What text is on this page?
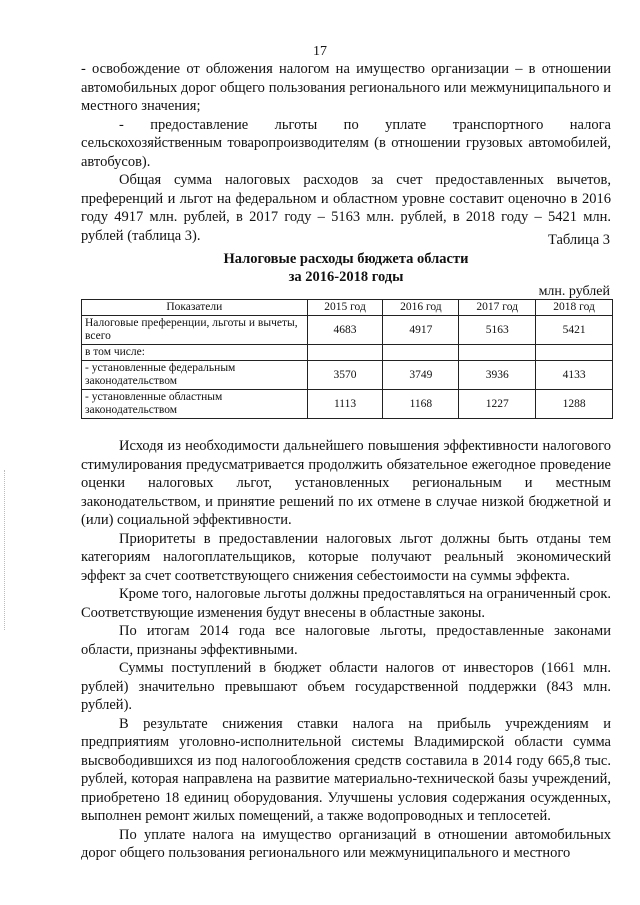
17

- освобождение от обложения налогом на имущество организации – в отношении автомобильных дорог общего пользования регионального или межмуниципального и местного значения;

- предоставление льготы по уплате транспортного налога сельскохозяйственным товаропроизводителям (в отношении грузовых автомобилей, автобусов).

Общая сумма налоговых расходов за счет предоставленных вычетов, преференций и льгот на федеральном и областном уровне составит оценочно в 2016 году 4917 млн. рублей, в 2017 году – 5163 млн. рублей, в 2018 году – 5421 млн. рублей (таблица 3).	Таблица 3
Налоговые расходы бюджета области
за 2016-2018 годы
млн. рублей
Показатели	2015 год	2016 год	2017 год	2018 год
Налоговые преференции, льготы и вычеты, всего	4683	4917	5163	5421
в том числе:				
- установленные федеральным законодательством	3570	3749	3936	4133
- установленные областным законодательством	1113	1168	1227	1288

Исходя из необходимости дальнейшего повышения эффективности налогового стимулирования предусматривается продолжить обязательное ежегодное проведение оценки налоговых льгот, установленных региональным и местным законодательством, и принятие решений по их отмене в случае низкой бюджетной и (или) социальной эффективности.

Приоритеты в предоставлении налоговых льгот должны быть отданы тем категориям налогоплательщиков, которые получают реальный экономический эффект за счет соответствующего снижения себестоимости на суммы эффекта.

Кроме того, налоговые льготы должны предоставляться на ограниченный срок. Соответствующие изменения будут внесены в областные законы.

По итогам 2014 года все налоговые льготы, предоставленные законами области, признаны эффективными.

Суммы поступлений в бюджет области налогов от инвесторов (1661 млн. рублей) значительно превышают объем государственной поддержки (843 млн. рублей).

В результате снижения ставки налога на прибыль учреждениям и предприятиям уголовно-исполнительной системы Владимирской области сумма высвободившихся из под налогообложения средств составила в 2014 году 665,8 тыс. рублей, которая направлена на развитие материально-технической базы учреждений, приобретено 18 единиц оборудования. Улучшены условия содержания осужденных, выполнен ремонт жилых помещений, а также водопроводных и теплосетей.

По уплате налога на имущество организаций в отношении автомобильных дорог общего пользования регионального или межмуниципального и местного
